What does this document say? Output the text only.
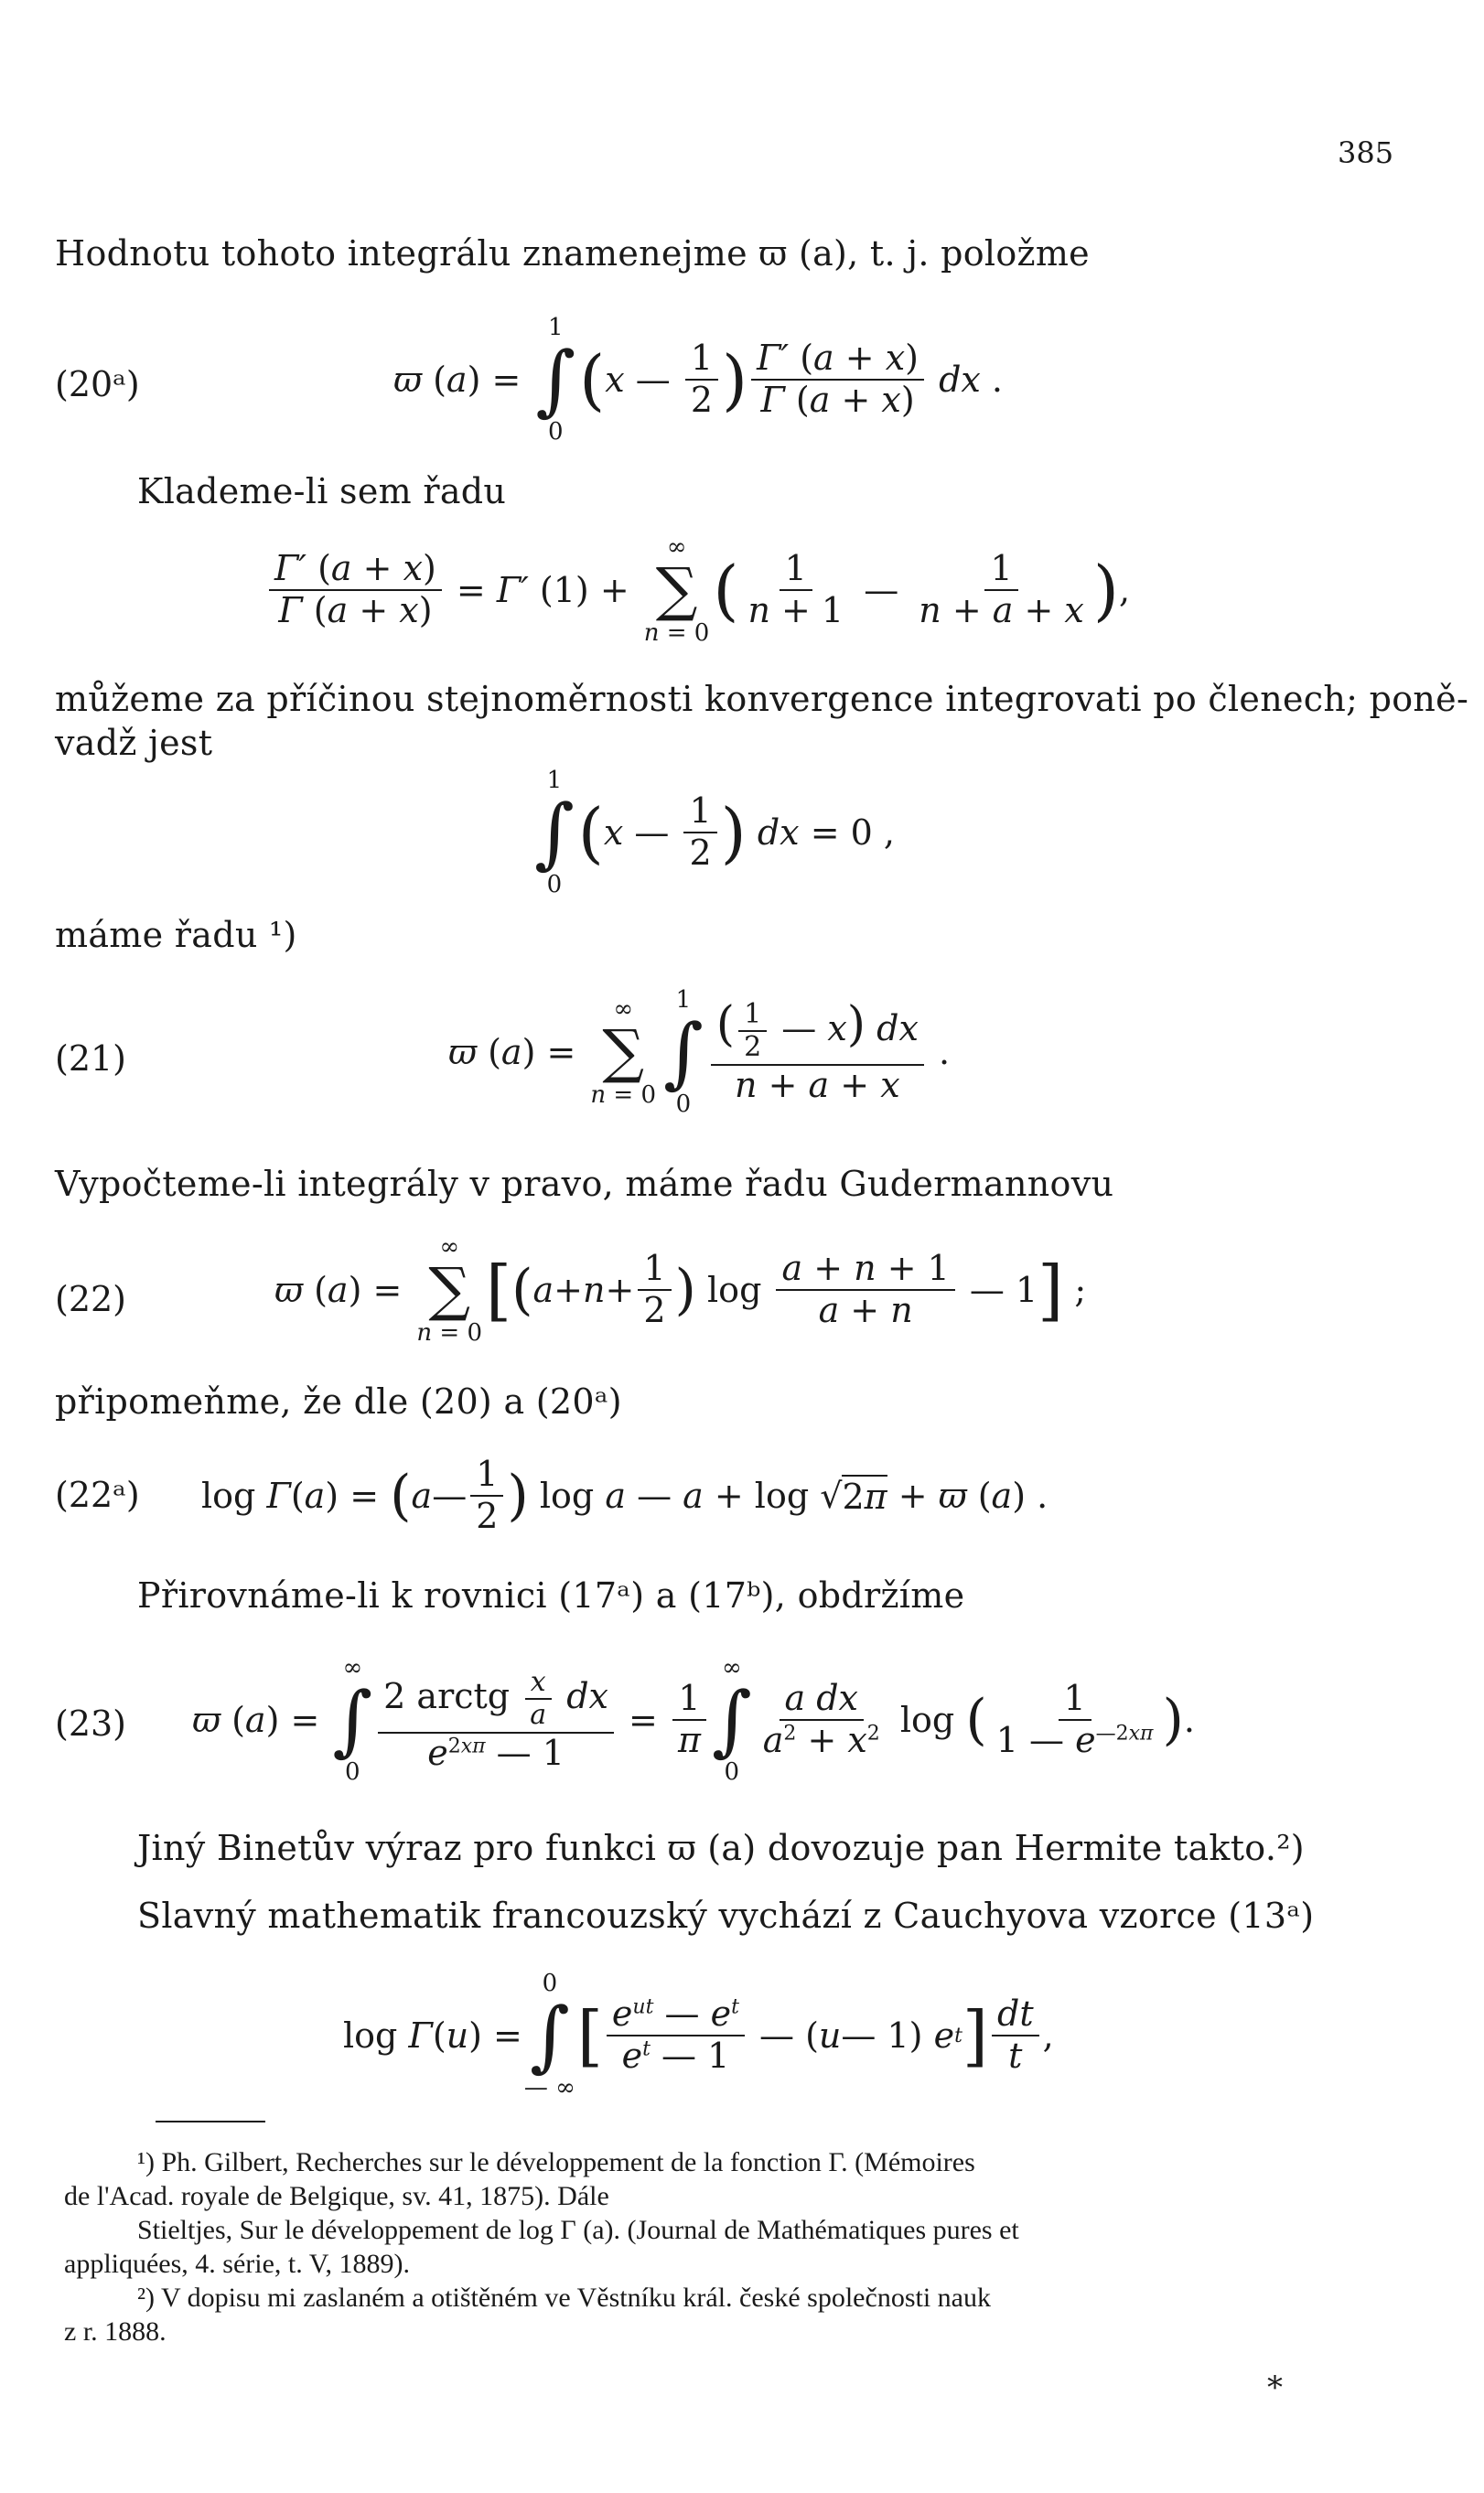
385
Hodnotu tohoto integrálu znamenejme ϖ (a), t. j. položme
(20ᵃ)	ϖ ( a ) =
1
∫
0
( x — $\frac{1}{2}$ ) $\frac{\Gamma' (a + x)}{\Gamma (a + x)}$
dx .
Klademe-li sem řadu
$\frac{\Gamma' (a + x)}{\Gamma (a + x)} = \Gamma'$ (1) +
∞
∑
n = 0
( $\frac{1}{n + 1}$ — $\frac{1}{n + a + x}$ ) ,
můžeme za příčinou stejnoměrnosti konvergence integrovati po členech; poně-
vadž jest
1
∫
0
( x — $\frac{1}{2}$ )
dx = 0 ,
máme řadu ¹)
(21)	ϖ ( a ) =
∞
∑
n = 0
1
∫
$0 \frac{( \frac{1}{2} — x) dx}{n + a + x}$ .
Vypočteme-li integrály v pravo, máme řadu Gudermannovu
(22)	ϖ ( a ) =
∞
∑
n = 0
[ ( $a + n + \frac{1}{2}$ ) $\log \frac{a + n + 1}{a + n}$ — 1 ] ;
připomeňme, že dle (20) a (20ᵃ)
(22ᵃ) log Γ ( a ) = ( a — $\frac{1}{2}$ ) log a — a + log √ 2π + ϖ ( a ) .
Přirovnáme-li k rovnici (17ᵃ) a (17ᵇ), obdržíme
(23) ϖ ( a ) =
∞
∫
$0 \frac{2 arctg \frac{x}{a} dx}{e^{2x\pi} — 1} = \frac{1}{\pi}$
∞
∫
0
$\frac{\text{a dx}}{a^2 + x^2}$ log ( $\frac{1}{1 — e^{—2x\pi}}$ ) .
Jiný Binetův výraz pro funkci ϖ (a) dovozuje pan Hermite takto.²)
Slavný mathematik francouzský vychází z Cauchyova vzorce (13ᵃ)
log Γ ( u ) =
0
∫
— ∞
[ $\frac{e^{ut} — e^t}{e^t — 1}$ — ( u — 1) e t ] $\frac{dt}{t}$ ,
¹) Ph. Gilbert, Recherches sur le développement de la fonction Γ. (Mémoires
de l'Acad. royale de Belgique, sv. 41, 1875). Dále
Stieltjes, Sur le développement de log Γ (a). (Journal de Mathématiques pures et
appliquées, 4. série, t. V, 1889).
²) V dopisu mi zaslaném a otištěném ve Věstníku král. české společnosti nauk
z r. 1888.
*
